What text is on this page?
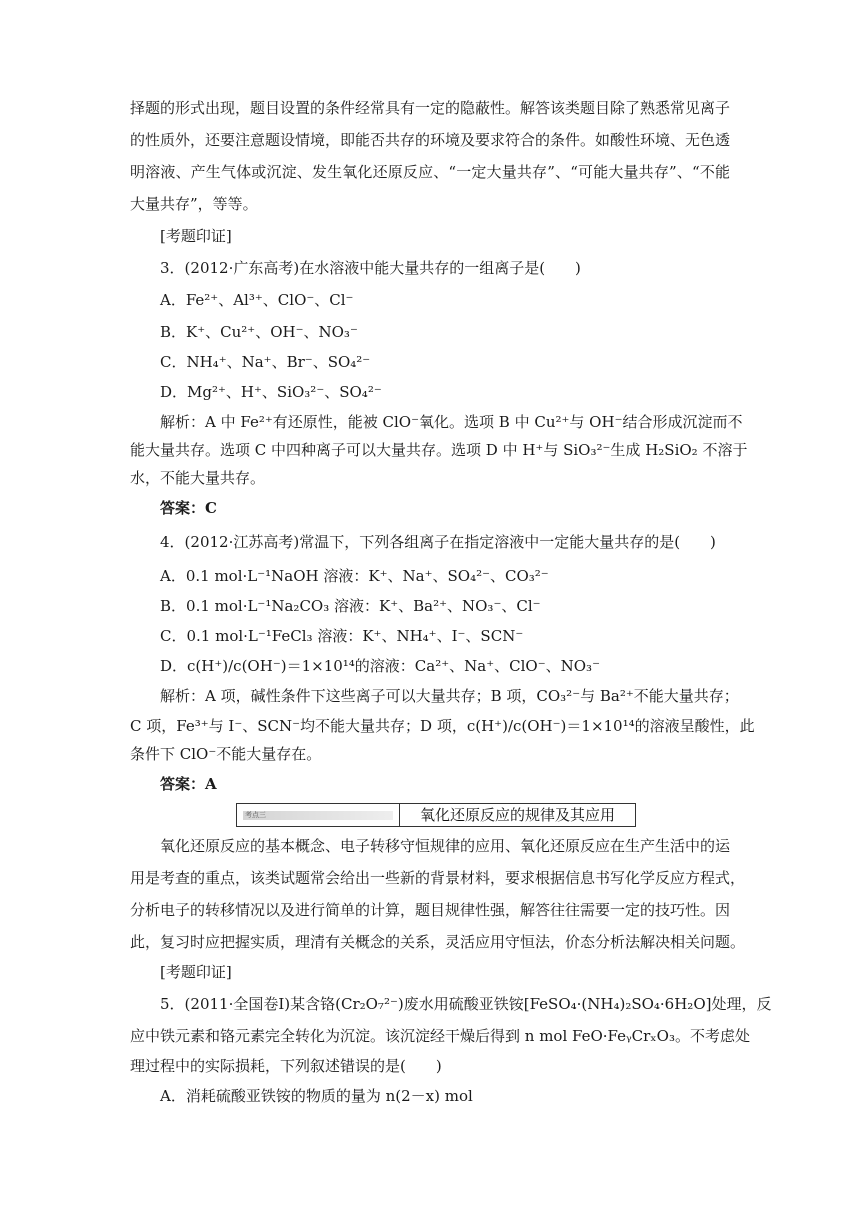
择题的形式出现，题目设置的条件经常具有一定的隐蔽性。解答该类题目除了熟悉常见离子
的性质外，还要注意题设情境，即能否共存的环境及要求符合的条件。如酸性环境、无色透
明溶液、产生气体或沉淀、发生氧化还原反应、“一定大量共存”、“可能大量共存”、“不能
大量共存”，等等。
[考题印证]
3．(2012·广东高考)在水溶液中能大量共存的一组离子是(　　)
A．Fe²⁺、Al³⁺、ClO⁻、Cl⁻
B．K⁺、Cu²⁺、OH⁻、NO₃⁻
C．NH₄⁺、Na⁺、Br⁻、SO₄²⁻
D．Mg²⁺、H⁺、SiO₃²⁻、SO₄²⁻
解析：A 中 Fe²⁺有还原性，能被 ClO⁻氧化。选项 B 中 Cu²⁺与 OH⁻结合形成沉淀而不
能大量共存。选项 C 中四种离子可以大量共存。选项 D 中 H⁺与 SiO₃²⁻生成 H₂SiO₂ 不溶于
水，不能大量共存。
答案：C
4．(2012·江苏高考)常温下，下列各组离子在指定溶液中一定能大量共存的是(　　)
A．0.1 mol·L⁻¹NaOH 溶液：K⁺、Na⁺、SO₄²⁻、CO₃²⁻
B．0.1 mol·L⁻¹Na₂CO₃ 溶液：K⁺、Ba²⁺、NO₃⁻、Cl⁻
C．0.1 mol·L⁻¹FeCl₃ 溶液：K⁺、NH₄⁺、I⁻、SCN⁻
D．c(H⁺)/c(OH⁻)＝1×10¹⁴的溶液：Ca²⁺、Na⁺、ClO⁻、NO₃⁻
解析：A 项，碱性条件下这些离子可以大量共存；B 项，CO₃²⁻与 Ba²⁺不能大量共存；
C 项，Fe³⁺与 I⁻、SCN⁻均不能大量共存；D 项，c(H⁺)/c(OH⁻)＝1×10¹⁴的溶液呈酸性，此
条件下 ClO⁻不能大量存在。
答案：A
考点三	氧化还原反应的规律及其应用
氧化还原反应的基本概念、电子转移守恒规律的应用、氧化还原反应在生产生活中的运
用是考查的重点，该类试题常会给出一些新的背景材料，要求根据信息书写化学反应方程式，
分析电子的转移情况以及进行简单的计算，题目规律性强，解答往往需要一定的技巧性。因
此，复习时应把握实质，理清有关概念的关系，灵活应用守恒法，价态分析法解决相关问题。
[考题印证]
5．(2011·全国卷Ⅰ)某含铬(Cr₂O₇²⁻)废水用硫酸亚铁铵[FeSO₄·(NH₄)₂SO₄·6H₂O]处理，反
应中铁元素和铬元素完全转化为沉淀。该沉淀经干燥后得到 n mol FeO·FeᵧCrₓO₃。不考虑处
理过程中的实际损耗，下列叙述错误的是(　　)
A．消耗硫酸亚铁铵的物质的量为 n(2－x) mol
